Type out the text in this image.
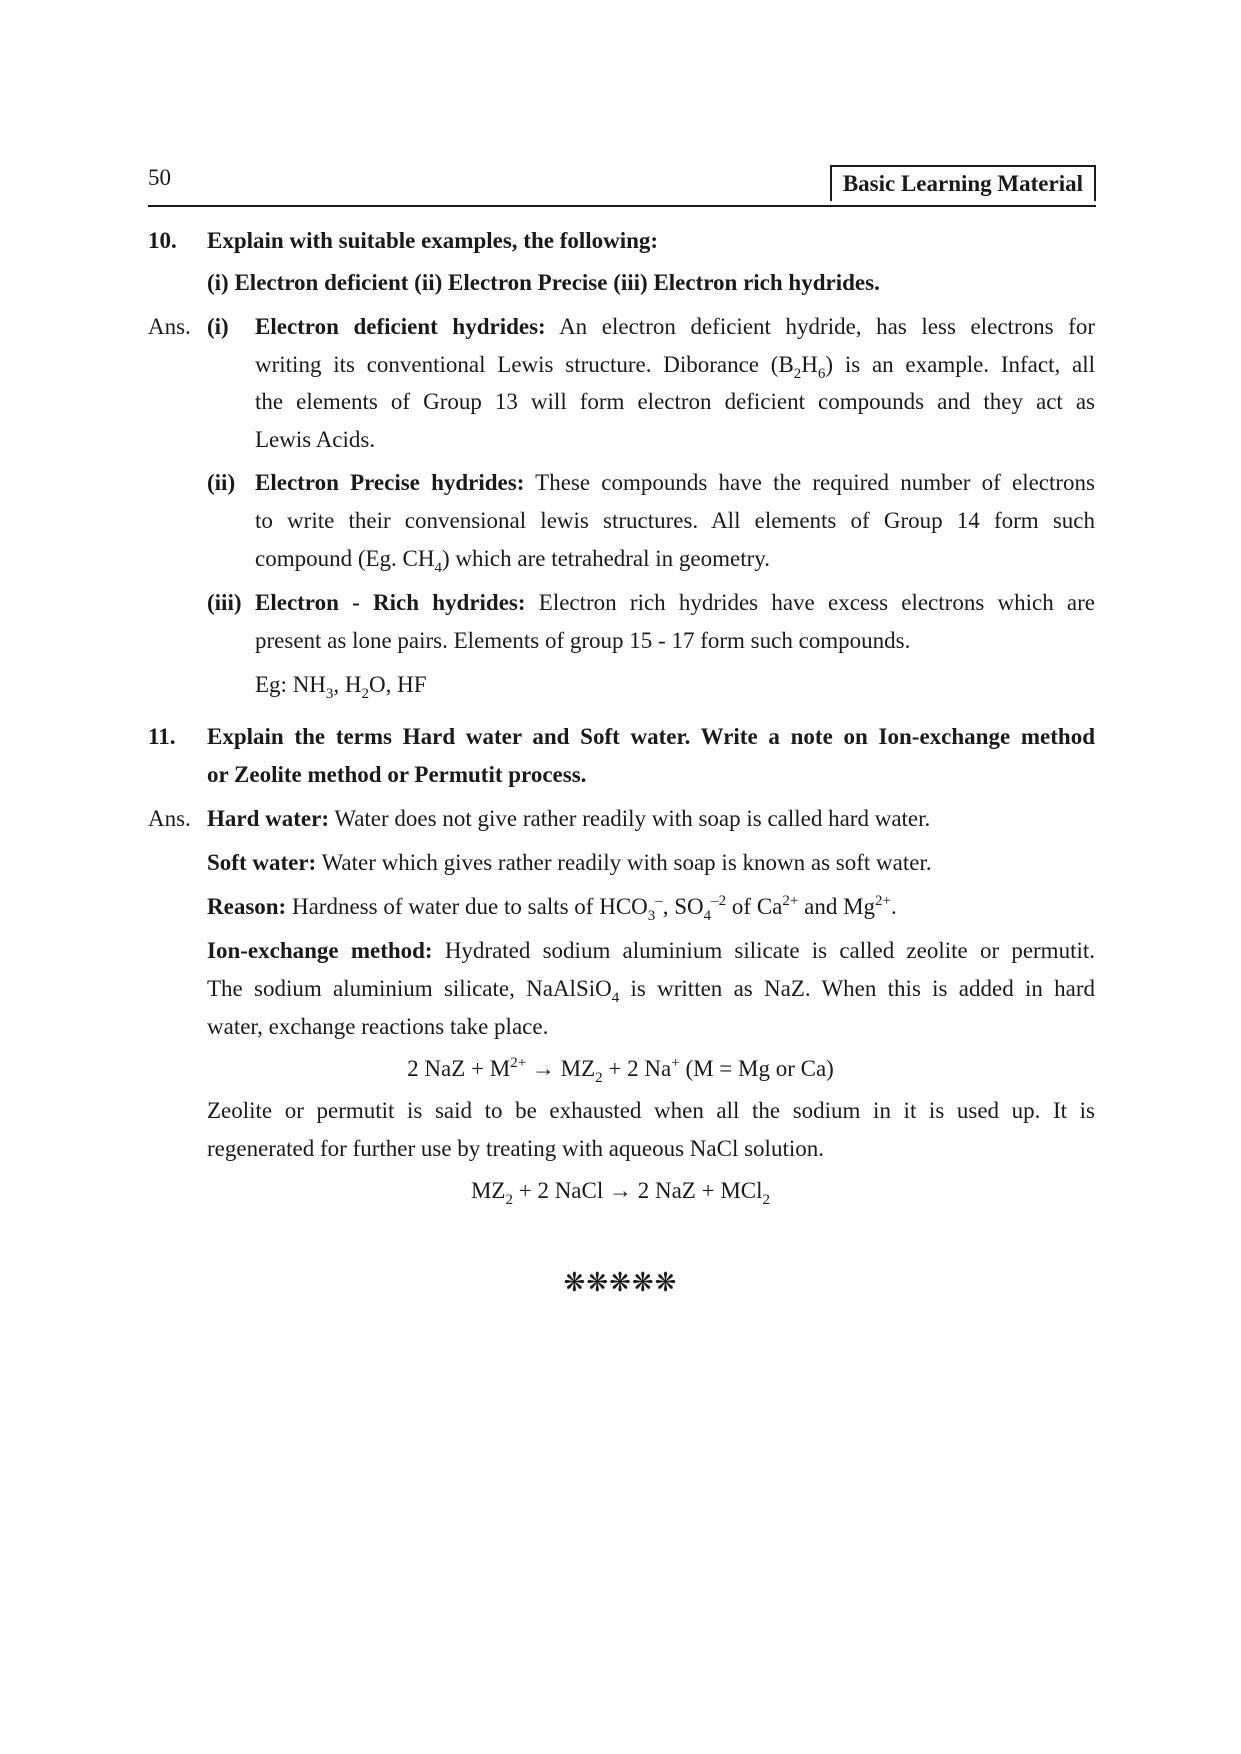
50	Basic Learning Material
10. Explain with suitable examples, the following:
(i) Electron deficient (ii) Electron Precise (iii) Electron rich hydrides.
Ans. (i) Electron deficient hydrides: An electron deficient hydride, has less electrons for
writing its conventional Lewis structure. Diborance $(B_2H_6)$ is an example. Infact, all
the elements of Group 13 will form electron deficient compounds and they act as
Lewis Acids.
(ii) Electron Precise hydrides: These compounds have the required number of electrons
to write their convensional lewis structures. All elements of Group 14 form such
compound (Eg. $CH_4$) which are tetrahedral in geometry.
(iii) Electron - Rich hydrides: Electron rich hydrides have excess electrons which are
present as lone pairs. Elements of group 15 - 17 form such compounds.
Eg: $NH_3$, $H_2O$, HF
11. Explain the terms Hard water and Soft water. Write a note on Ion-exchange method
or Zeolite method or Permutit process.
Ans. Hard water: Water does not give rather readily with soap is called hard water.
Soft water: Water which gives rather readily with soap is known as soft water.
Reason: Hardness of water due to salts of $HCO_3^-$, $SO_4^{-2}$ of $Ca^{2+}$ and $Mg^{2+}$.
Ion-exchange method: Hydrated sodium aluminium silicate is called zeolite or permutit.
The sodium aluminium silicate, NaAlSiO$_4$ is written as NaZ. When this is added in hard
water, exchange reactions take place.
2 NaZ + $M^{2+} \to MZ_2 + 2$ Na+ (M = Mg or Ca)
Zeolite or permutit is said to be exhausted when all the sodium in it is used up. It is
regenerated for further use by treating with aqueous NaCl solution.
$MZ_2 + 2$ NaCl → 2 NaZ + MCl$_2$
❋❋❋❋❋
